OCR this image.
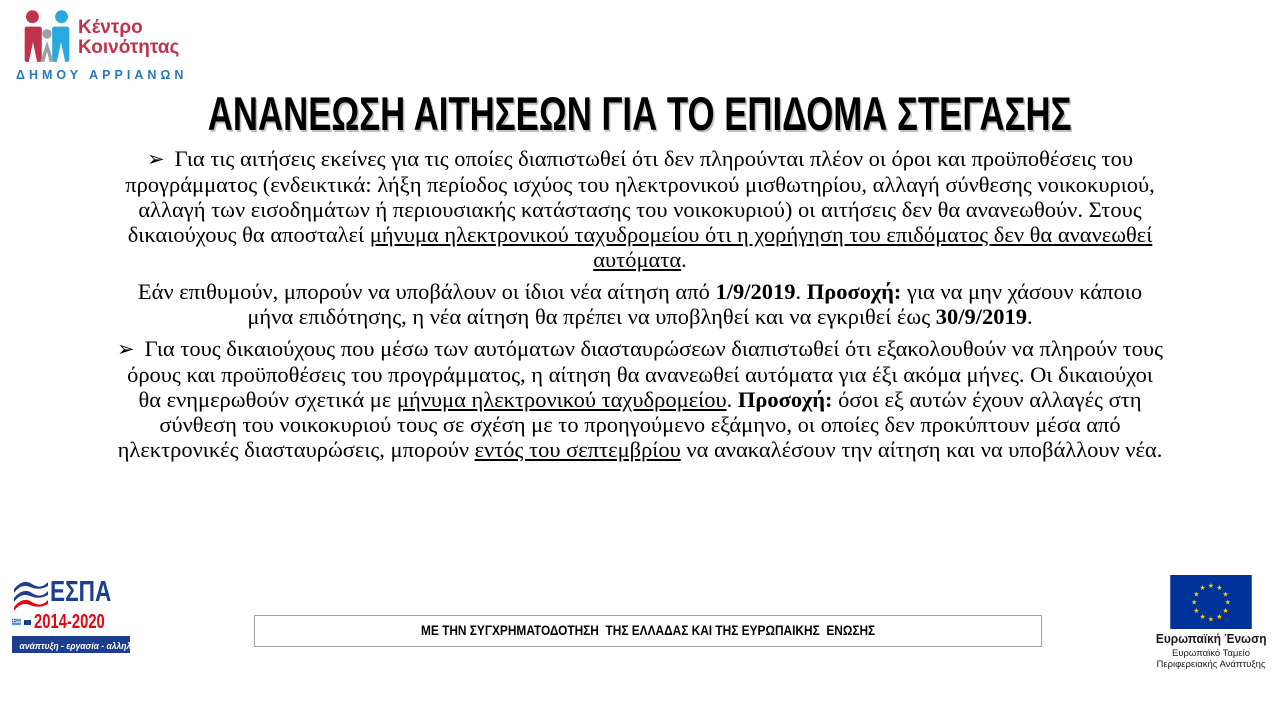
Κέντρο
Κοινότητας
ΔΗΜΟΥ ΑΡΡΙΑΝΩΝ
ΑΝΑΝΕΩΣΗ ΑΙΤΗΣΕΩΝ ΓΙΑ ΤΟ ΕΠΙΔΟΜΑ ΣΤΕΓΑΣΗΣ
➢ Για τις αιτήσεις εκείνες για τις οποίες διαπιστωθεί ότι δεν πληρούνται πλέον οι όροι και προϋποθέσεις του προγράμματος (ενδεικτικά: λήξη περίοδος ισχύος του ηλεκτρονικού μισθωτηρίου, αλλαγή σύνθεσης νοικοκυριού, αλλαγή των εισοδημάτων ή περιουσιακής κατάστασης του νοικοκυριού) οι αιτήσεις δεν θα ανανεωθούν. Στους δικαιούχους θα αποσταλεί μήνυμα ηλεκτρονικού ταχυδρομείου ότι η χορήγηση του επιδόματος δεν θα ανανεωθεί αυτόματα.
Εάν επιθυμούν, μπορούν να υποβάλουν οι ίδιοι νέα αίτηση από 1/9/2019. Προσοχή: για να μην χάσουν κάποιο μήνα επιδότησης, η νέα αίτηση θα πρέπει να υποβληθεί και να εγκριθεί έως 30/9/2019.
➢ Για τους δικαιούχους που μέσω των αυτόματων διασταυρώσεων διαπιστωθεί ότι εξακολουθούν να πληρούν τους όρους και προϋποθέσεις του προγράμματος, η αίτηση θα ανανεωθεί αυτόματα για έξι ακόμα μήνες. Οι δικαιούχοι θα ενημερωθούν σχετικά με μήνυμα ηλεκτρονικού ταχυδρομείου. Προσοχή: όσοι εξ αυτών έχουν αλλαγές στη σύνθεση του νοικοκυριού τους σε σχέση με το προηγούμενο εξάμηνο, οι οποίες δεν προκύπτουν μέσα από ηλεκτρονικές διασταυρώσεις, μπορούν εντός του σεπτεμβρίου να ανακαλέσουν την αίτηση και να υποβάλλουν νέα.
ΕΣΠΑ
2014-2020
ανάπτυξη - εργασία - αλληλεγγύη
ΜΕ ΤΗΝ ΣΥΓΧΡΗΜΑΤΟΔΟΤΗΣΗ  ΤΗΣ ΕΛΛΑΔΑΣ ΚΑΙ ΤΗΣ ΕΥΡΩΠΑΙΚΗΣ  ΕΝΩΣΗΣ
★ ★
★
★
★
★
★
★
★
★
★
★
Ευρωπαϊκή Ένωση
Ευρωπαϊκό Ταμείο
Περιφερειακής Ανάπτυξης
